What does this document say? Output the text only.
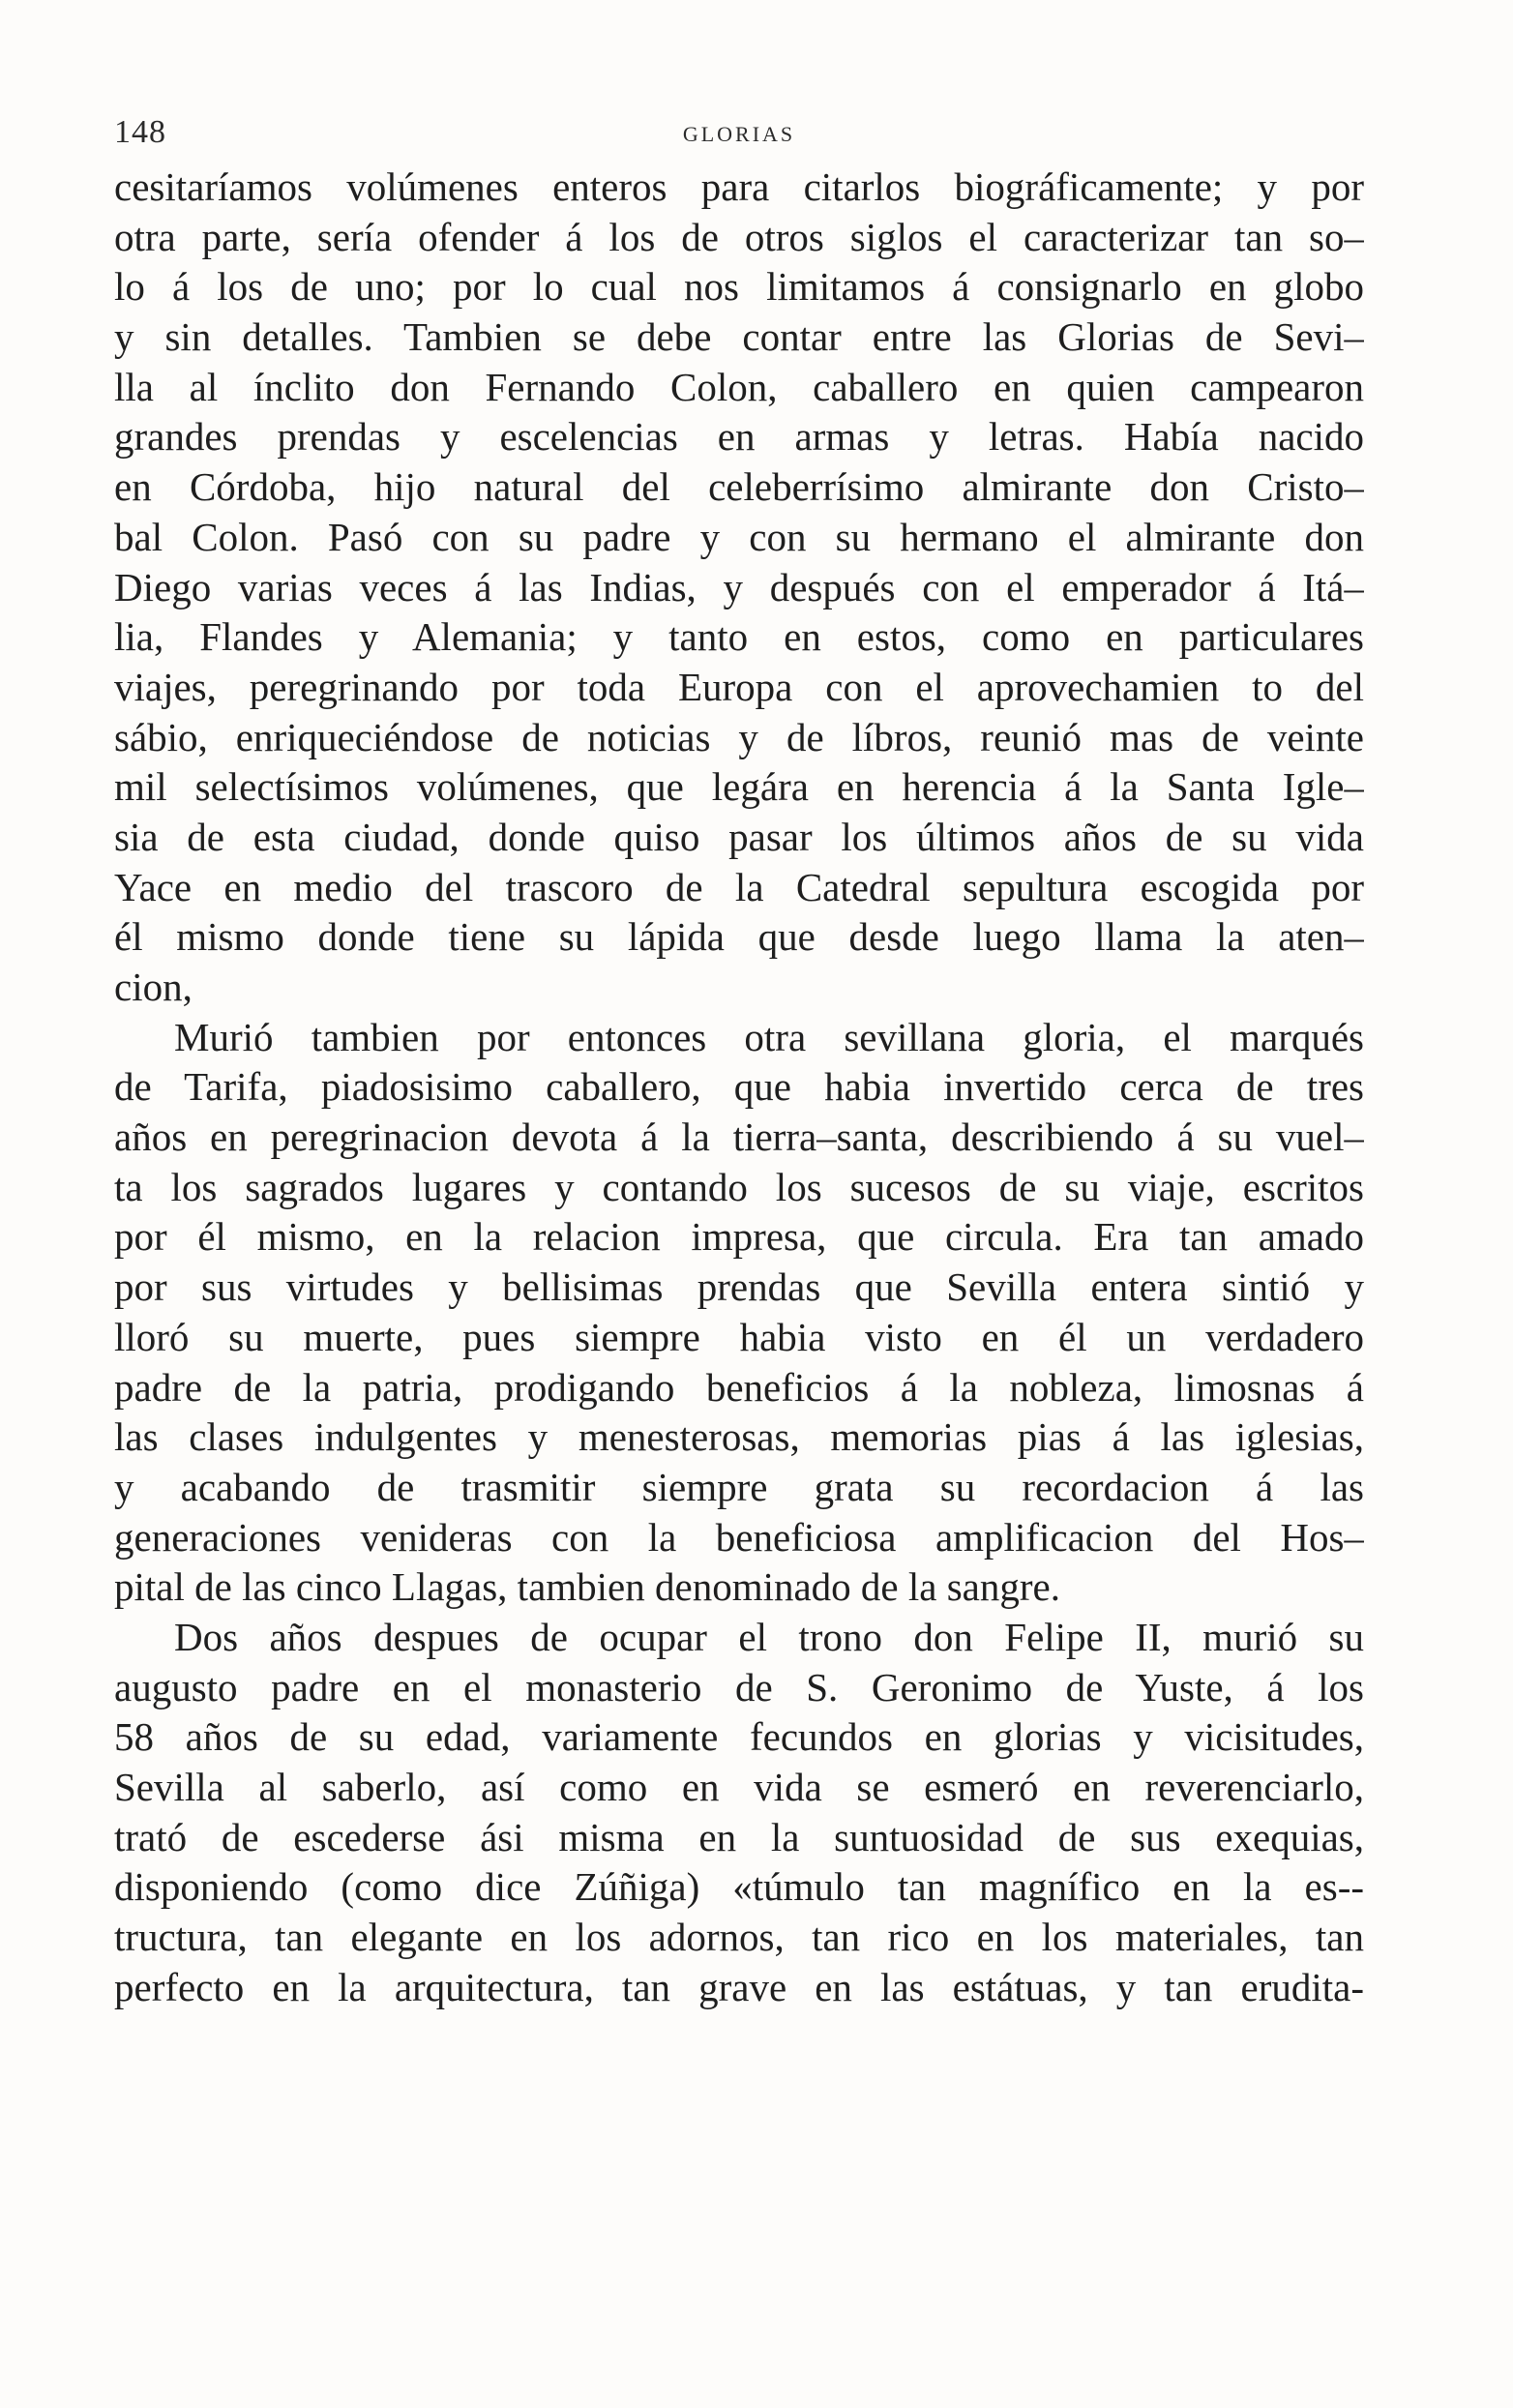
148	GLORIAS
cesitaríamos volúmenes enteros para citarlos biográficamente; y por
otra parte, sería ofender á los de otros siglos el caracterizar tan so–
lo á los de uno; por lo cual nos limitamos á consignarlo en globo
y sin detalles. Tambien se debe contar entre las Glorias de Sevi–
lla al ínclito don Fernando Colon, caballero en quien campearon
grandes prendas y escelencias en armas y letras. Había nacido
en Córdoba, hijo natural del celeberrísimo almirante don Cristo–
bal Colon. Pasó con su padre y con su hermano el almirante don
Diego varias veces á las Indias, y después con el emperador á Itá–
lia, Flandes y Alemania; y tanto en estos, como en particulares
viajes, peregrinando por toda Europa con el aprovechamien to del
sábio, enriqueciéndose de noticias y de líbros, reunió mas de veinte
mil selectísimos volúmenes, que legára en herencia á la Santa Igle–
sia de esta ciudad, donde quiso pasar los últimos años de su vida
Yace en medio del trascoro de la Catedral sepultura escogida por
él mismo donde tiene su lápida que desde luego llama la aten–
cion,
Murió tambien por entonces otra sevillana gloria, el marqués
de Tarifa, piadosisimo caballero, que habia invertido cerca de tres
años en peregrinacion devota á la tierra–santa, describiendo á su vuel–
ta los sagrados lugares y contando los sucesos de su viaje, escritos
por él mismo, en la relacion impresa, que circula. Era tan amado
por sus virtudes y bellisimas prendas que Sevilla entera sintió y
lloró su muerte, pues siempre habia visto en él un verdadero
padre de la patria, prodigando beneficios á la nobleza, limosnas á
las clases indulgentes y menesterosas, memorias pias á las iglesias,
y acabando de trasmitir siempre grata su recordacion á las
generaciones venideras con la beneficiosa amplificacion del Hos–
pital de las cinco Llagas, tambien denominado de la sangre.
Dos años despues de ocupar el trono don Felipe II, murió su
augusto padre en el monasterio de S. Geronimo de Yuste, á los
58 años de su edad, variamente fecundos en glorias y vicisitudes,
Sevilla al saberlo, así como en vida se esmeró en reverenciarlo,
trató de escederse ási misma en la suntuosidad de sus exequias,
disponiendo (como dice Zúñiga) «túmulo tan magnífico en la es--
tructura, tan elegante en los adornos, tan rico en los materiales, tan
perfecto en la arquitectura, tan grave en las estátuas, y tan erudita-
